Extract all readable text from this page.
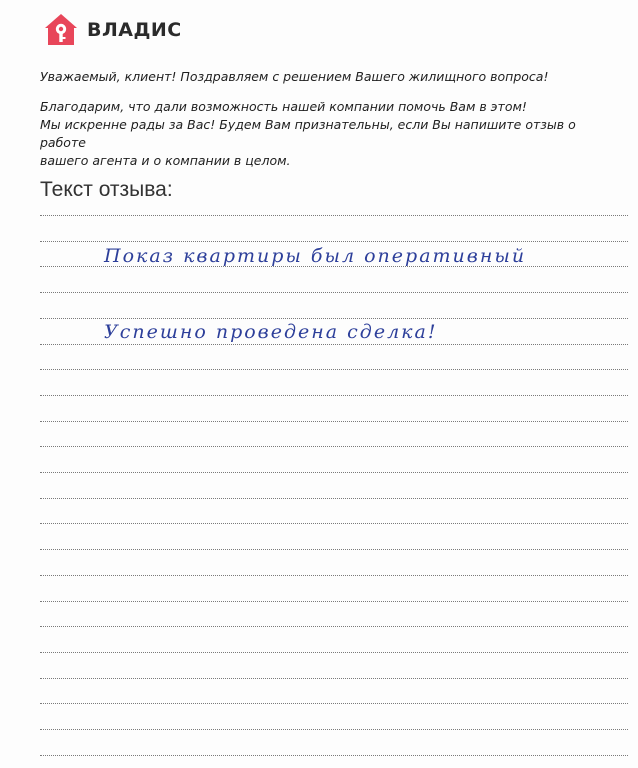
ВЛАДИС

Уважаемый, клиент! Поздравляем с решением Вашего жилищного вопроса!

Благодарим, что дали возможность нашей компании помочь Вам в этом!

Мы искренне рады за Вас! Будем Вам признательны, если Вы напишите отзыв о работе

вашего агента и о компании в целом.

Текст отзыва:
Показ квартиры был оперативный
Успешно проведена сделка!
